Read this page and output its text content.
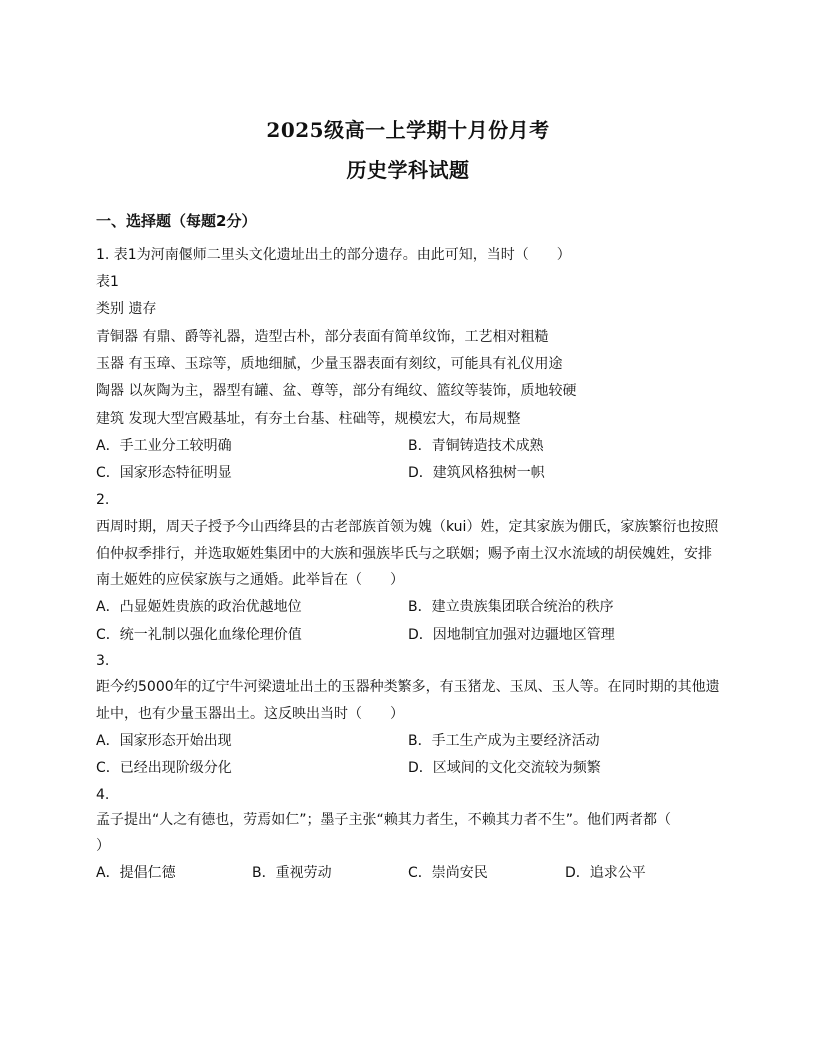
2025级高一上学期十月份月考
历史学科试题
一、选择题（每题2分）
1. 表1为河南偃师二里头文化遗址出土的部分遗存。由此可知，当时（　　）
表1
类别 遗存
青铜器 有鼎、爵等礼器，造型古朴，部分表面有简单纹饰，工艺相对粗糙
玉器 有玉璋、玉琮等，质地细腻，少量玉器表面有刻纹，可能具有礼仪用途
陶器 以灰陶为主，器型有罐、盆、尊等，部分有绳纹、篮纹等装饰，质地较硬
建筑 发现大型宫殿基址，有夯土台基、柱础等，规模宏大，布局规整
A．手工业分工较明确	B．青铜铸造技术成熟
C．国家形态特征明显	D．建筑风格独树一帜
2.
西周时期，周天子授予今山西绛县的古老部族首领为媿（kui）姓，定其家族为倗氏，家族繁衍也按照
伯仲叔季排行，并选取姬姓集团中的大族和强族毕氏与之联姻；赐予南土汉水流域的胡侯媿姓，安排
南土姬姓的应侯家族与之通婚。此举旨在（　　）
A．凸显姬姓贵族的政治优越地位	B．建立贵族集团联合统治的秩序
C．统一礼制以强化血缘伦理价值	D．因地制宜加强对边疆地区管理
3.
距今约5000年的辽宁牛河梁遗址出土的玉器种类繁多，有玉猪龙、玉凤、玉人等。在同时期的其他遗
址中，也有少量玉器出土。这反映出当时（　　）
A．国家形态开始出现	B．手工生产成为主要经济活动
C．已经出现阶级分化	D．区域间的文化交流较为频繁
4.
孟子提出“人之有德也，劳焉如仁”；墨子主张“赖其力者生，不赖其力者不生”。他们两者都（
）
A．提倡仁德	B．重视劳动	C．崇尚安民	D．追求公平
